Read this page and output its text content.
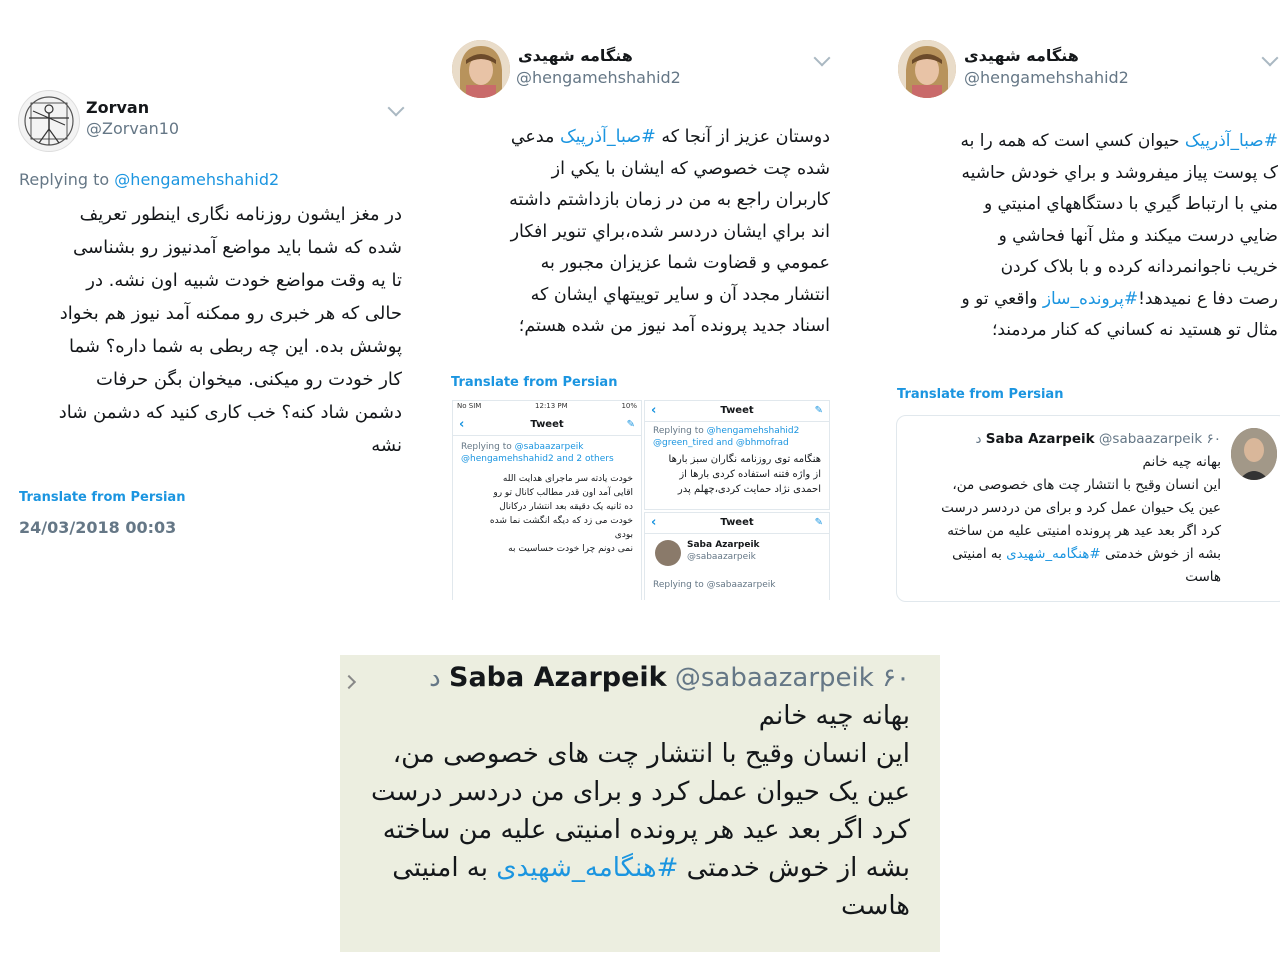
Zorvan
@Zorvan10
Replying to @hengamehshahid2
در مغز ایشون روزنامه نگاری اینطور تعریف
شده که شما باید مواضع آمدنیوز رو بشناسی
تا یه وقت مواضع خودت شبیه اون نشه. در
حالی که هر خبری رو ممکنه آمد نیوز هم بخواد
پوشش بده. این چه ربطی به شما داره؟ شما
کار خودت رو میکنی. میخوان بگن حرفات
دشمن شاد کنه؟ خب کاری کنید که دشمن شاد
نشه
Translate from Persian
24/03/2018 00:03
هنگامه شهیدی
@hengamehshahid2
دوستان عزیز از آنجا که #صبا_آذرپیک مدعي
شده چت خصوصي که ایشان با یکي از
کاربران راجع به من در زمان بازداشتم داشته
اند براي ایشان دردسر شده،براي تنویر افکار
عمومي و قضاوت شما عزیزان مجبور به
انتشار مجدد آن و سایر توییتهاي ایشان که
اسناد جدید پرونده آمد نیوز من شده هستم؛
Translate from Persian
No SIM	12:13 PM	10%
‹	Tweet	✎
Replying to @sabaazarpeik
@hengamehshahid2 and 2 others
خودت یادته سر ماجرای هدایت الله
اقایی آمد اون قدر مطالب کانال تو رو
ده ثانیه یک دقیقه بعد انتشار درکانال
خودت می زد که دیگه انگشت نما شده
بودی
نمی دونم چرا خودت حساسیت به
‹	Tweet	✎
Replying to @hengamehshahid2
@green_tired and @bhmofrad
هنگامه توی روزنامه نگاران سبز بارها
از واژه فتنه استفاده کردی بارها از
احمدی نژاد حمایت کردی،چهلم پدر
‹	Tweet	✎
Saba Azarpeik
@sabaazarpeik
Replying to @sabaazarpeik
هنگامه شهیدی
@hengamehshahid2
#صبا_آذرپیک حیوان کسي است که همه را به
ک پوست پیاز میفروشد و براي خودش حاشیه
مني با ارتباط گیري با دستگاههاي امنیتي و
ضایي درست میکند و مثل آنها فحاشي و
خریب ناجوانمردانه کرده و با بلاک کردن
رصت دفا ع نمیدهد!#پرونده_ساز واقعي تو و
مثال تو هستید نه کساني که کنار مردمند؛
Translate from Persian
Saba Azarpeik @sabaazarpeik ۶۰ د
بهانه چیه خانم
این انسان وقیح با انتشار چت های خصوصی من،
عین یک حیوان عمل کرد و برای من دردسر درست
کرد اگر بعد عید هر پرونده امنیتی علیه من ساخته
بشه از خوش خدمتی #هنگامه_شهیدی به امنیتی
هاست
Saba Azarpeik @sabaazarpeik ۶۰ د
بهانه چیه خانم
این انسان وقیح با انتشار چت های خصوصی من،
عین یک حیوان عمل کرد و برای من دردسر درست
کرد اگر بعد عید هر پرونده امنیتی علیه من ساخته
بشه از خوش خدمتی #هنگامه_شهیدی به امنیتی
هاست
